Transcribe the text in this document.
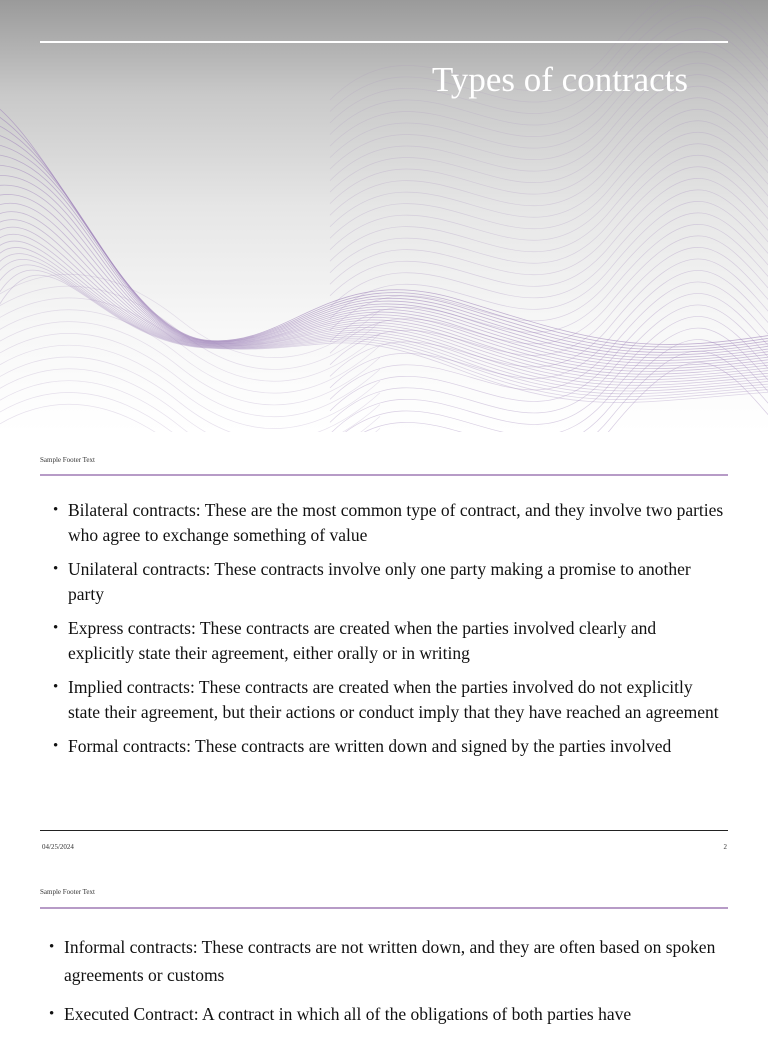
Types of contracts
Sample Footer Text
• Bilateral contracts: These are the most common type of contract, and they involve two parties who agree to exchange something of value
• Unilateral contracts: These contracts involve only one party making a promise to another party
• Express contracts: These contracts are created when the parties involved clearly and explicitly state their agreement, either orally or in writing
• Implied contracts: These contracts are created when the parties involved do not explicitly state their agreement, but their actions or conduct imply that they have reached an agreement
• Formal contracts: These contracts are written down and signed by the parties involved
04/25/2024	2
Sample Footer Text
• Informal contracts: These contracts are not written down, and they are often based on spoken agreements or customs
• Executed Contract: A contract in which all of the obligations of both parties have
